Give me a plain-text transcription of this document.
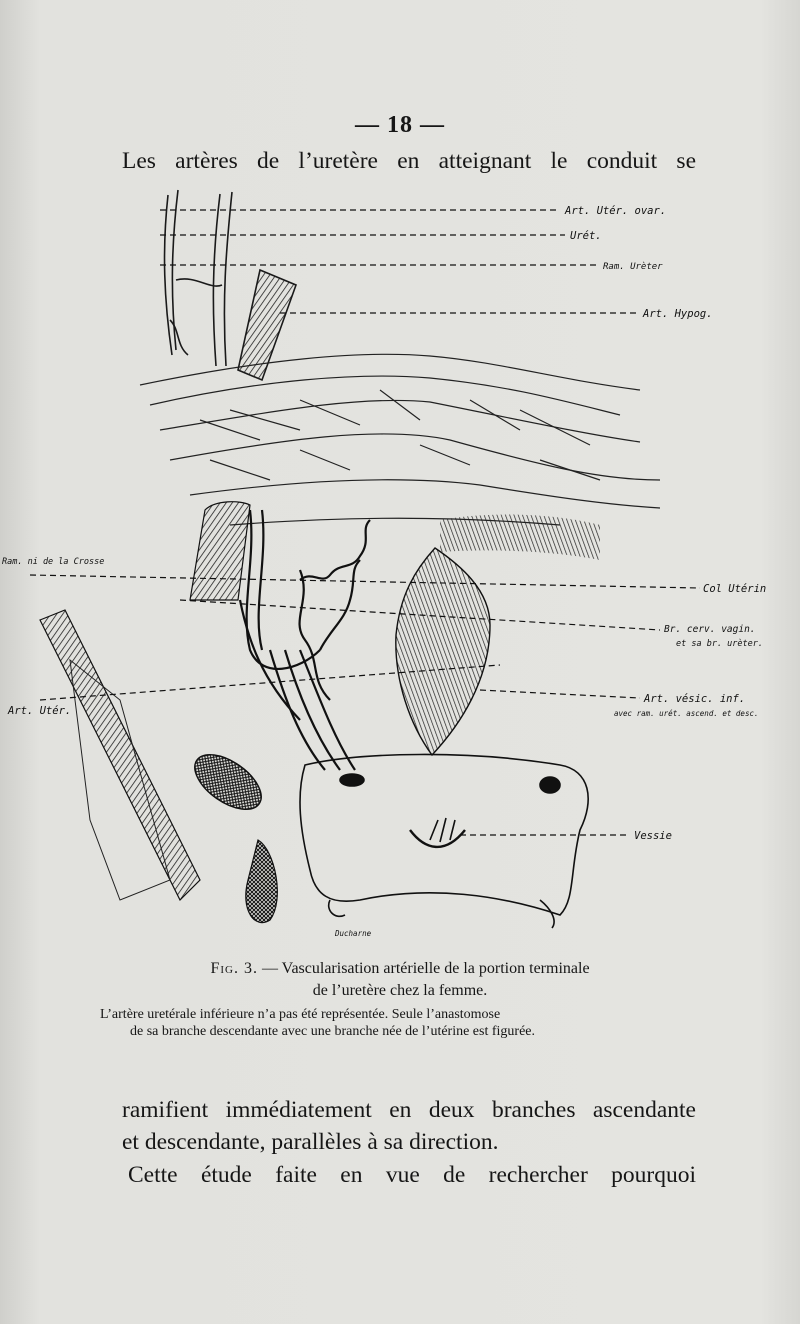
— 18 —
Les artères de l’uretère en atteignant le conduit se
Art. Utér. ovar.
Urét.
Ram. Urèter
Art. Hypog.
Ram. ni de la Crosse
Col Utérin
Br. cerv. vagin.
et sa br. urèter.
Art. Utér.
Art. vésic. inf.
avec ram. urét. ascend. et desc.
Vessie
Ducharne
Fig. 3. — Vascularisation artérielle de la portion terminale
de l’uretère chez la femme.
L’artère uretérale inférieure n’a pas été représentée. Seule l’anastomose
de sa branche descendante avec une branche née de l’utérine est figurée.
ramifient immédiatement en deux branches ascendante
et descendante, parallèles à sa direction.
Cette étude faite en vue de rechercher pourquoi
